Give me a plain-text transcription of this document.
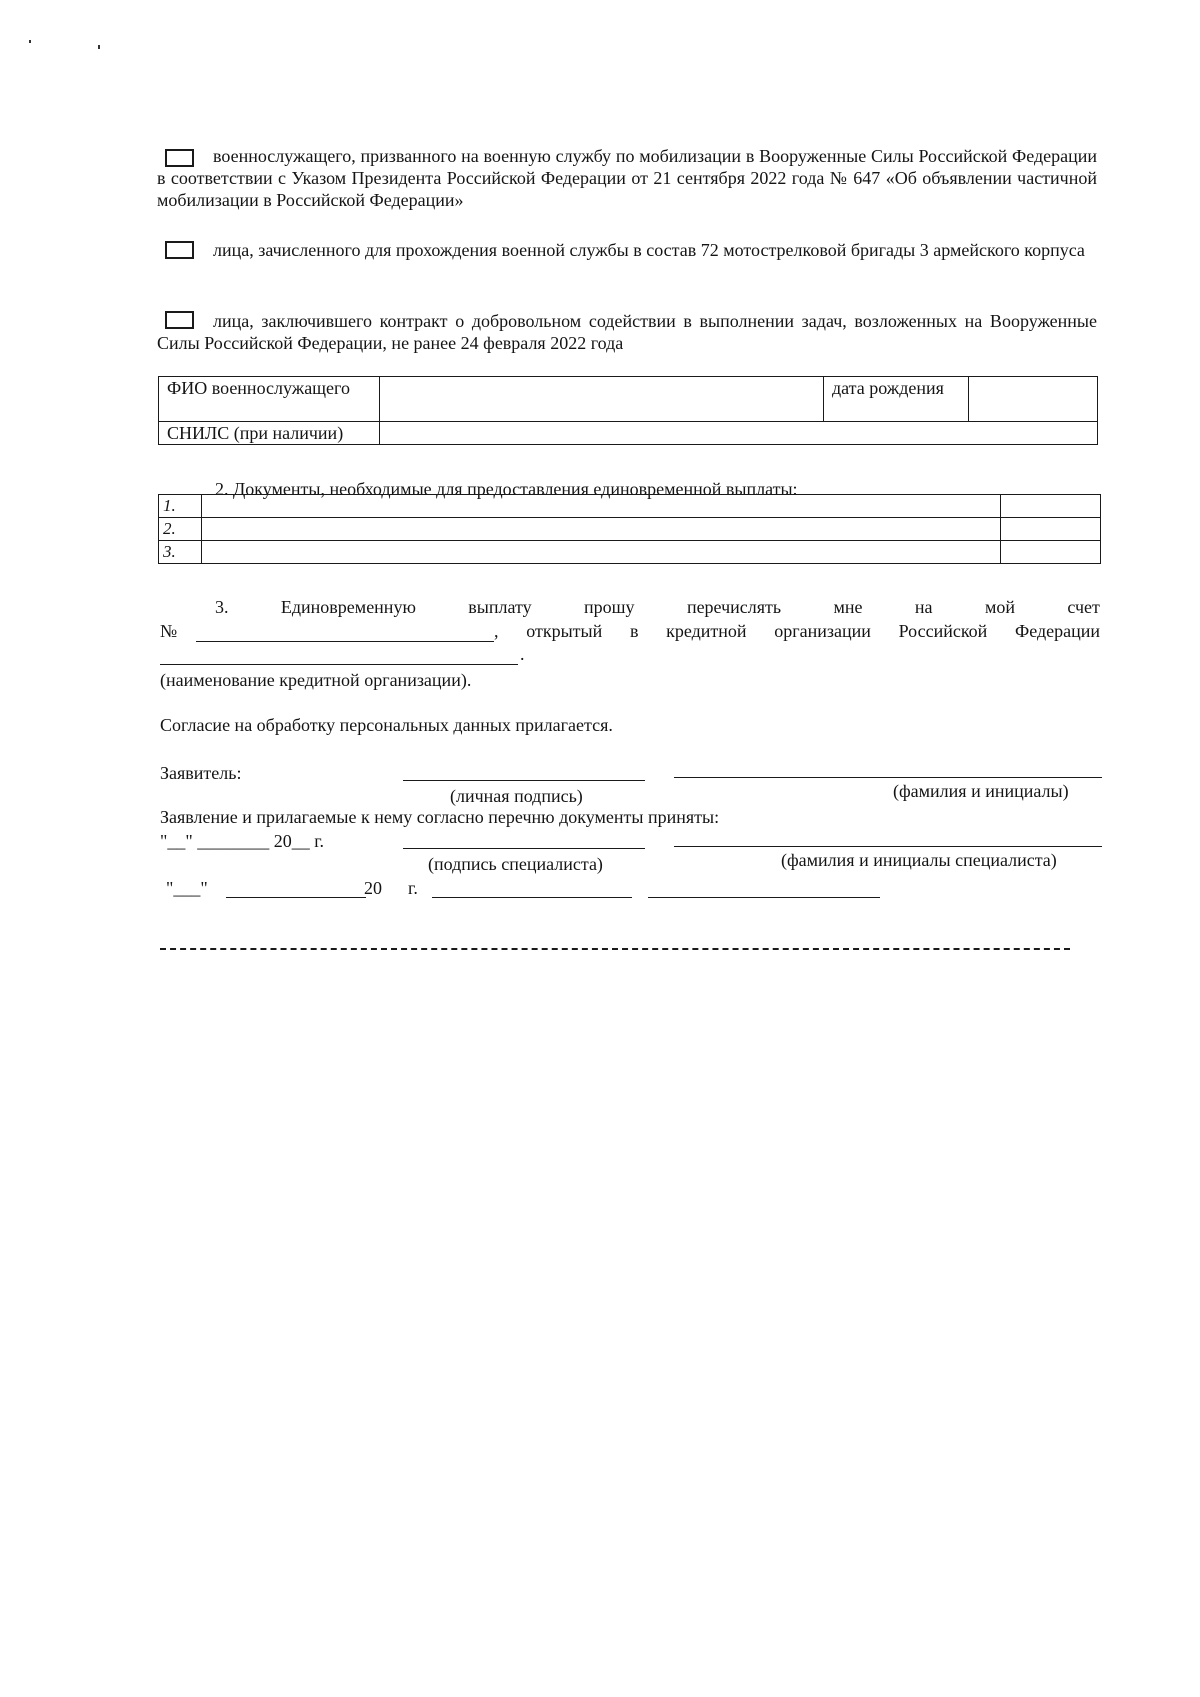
военнослужащего, призванного на военную службу по мобилизации в Вооруженные Силы Российской Федерации в соответствии с Указом Президента Российской Федерации от 21 сентября 2022 года № 647 «Об объявлении частичной мобилизации в Российской Федерации»
лица, зачисленного для прохождения военной службы в состав 72 мотострелковой бригады 3 армейского корпуса
лица, заключившего контракт о добровольном содействии в выполнении задач, возложенных на Вооруженные Силы Российской Федерации, не ранее 24 февраля 2022 года
ФИО военнослужащего		дата рождения	
СНИЛС (при наличии)			
2. Документы, необходимые для предоставления единовременной выплаты:
1.		
2.		
3.		
3.	Единовременную	выплату	прошу	перечислять	мне	на	мой	счет
№	, открытый в кредитной организации Российской Федерации
.
(наименование кредитной организации).
Согласие на обработку персональных данных прилагается.
Заявитель:
(личная подпись)	(фамилия и инициалы)
Заявление и прилагаемые к нему согласно перечню документы приняты:
"__" ________ 20__ г.
(подпись специалиста)	(фамилия и инициалы специалиста)
"___"	20 г.
